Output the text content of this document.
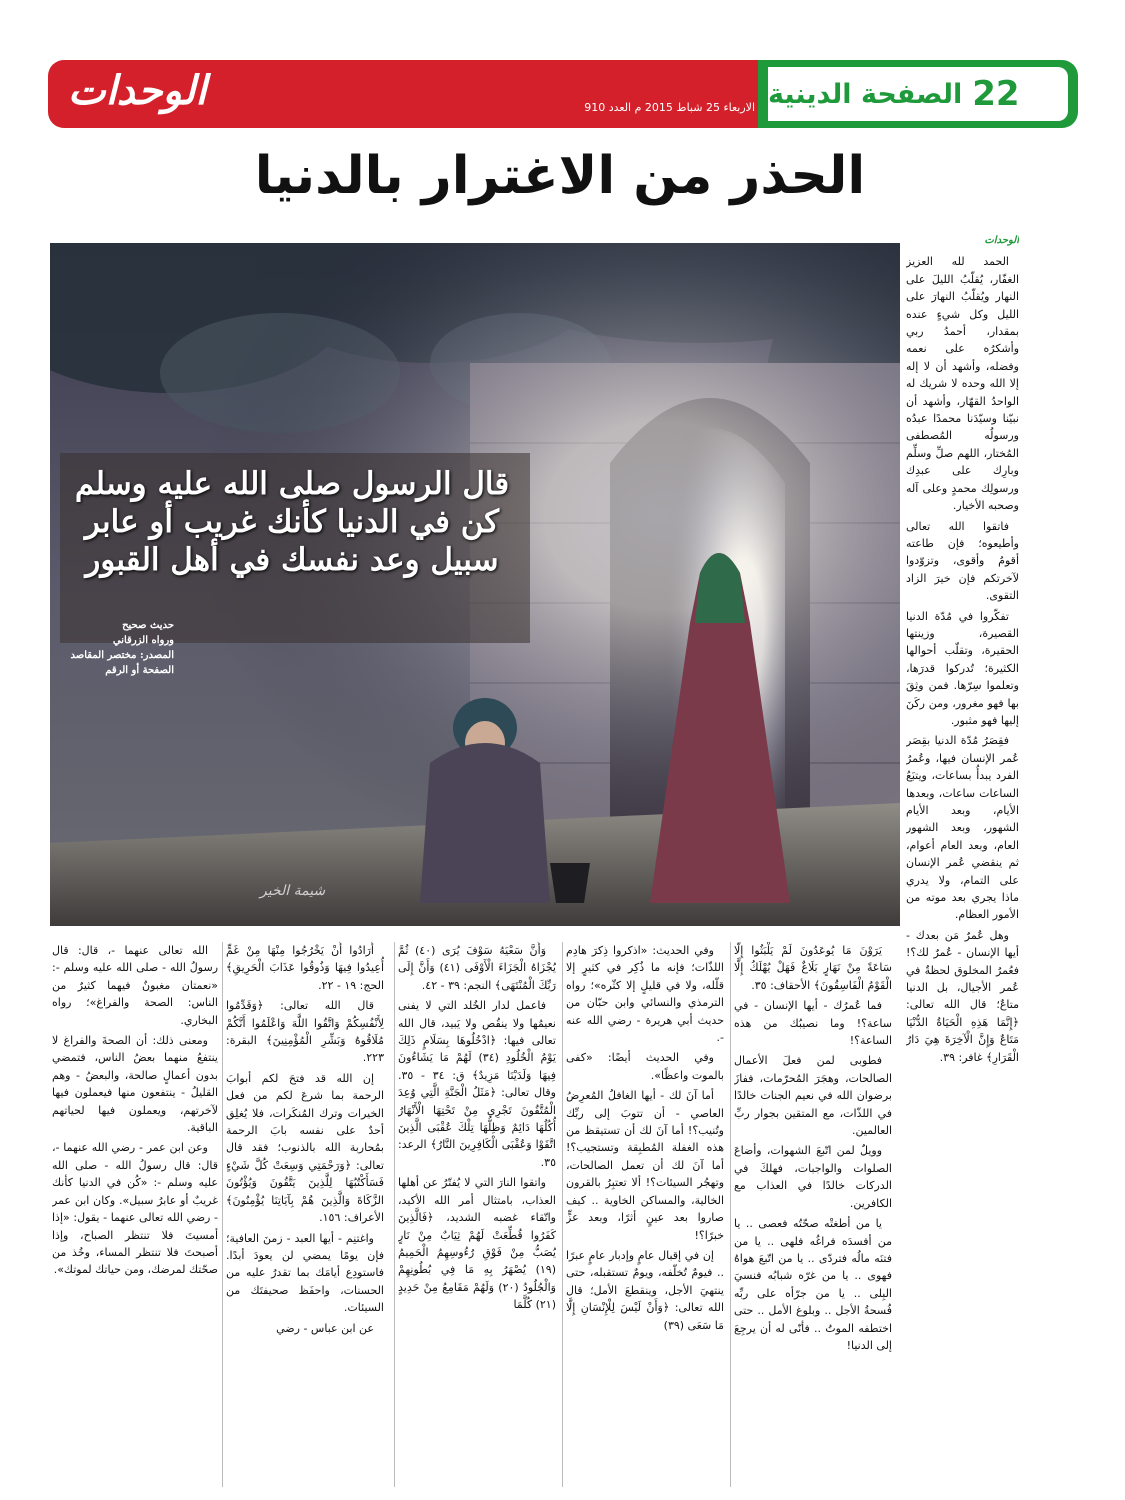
22
الصفحة الدينية
الاربعاء 25 شباط 2015 م العدد 910
الوحدات
الحذر من الاغترار بالدنيا
قال الرسول صلى الله عليه وسلم كن في الدنيا كأنك غريب أو عابر سبيل وعد نفسك في أهل القبور
حديث صحيح
ورواه الزرقاني
المصدر: مختصر المقاصد
الصفحة أو الرقم
شيمة الخير
الوحدات

الحمد لله العزيز الغفّار، يُقلّبُ الليلَ على النهار ويُقلّبُ النهارَ على الليل وكل شيءٍ عنده بمقدار، أحمدُ ربي وأشكرُه على نعمه وفضله، وأشهد أن لا إله إلا الله وحده لا شريك له الواحدُ القهّار، وأشهد أن نبيّنا وسيّدَنا محمدًا عبدُه ورسولُه المُصطفى المُختار، اللهم صلِّ وسلِّم وبارِك على عبدِك ورسولِك محمدٍ وعلى آله وصحبه الأخيار.

فاتقوا الله تعالى وأطيعوه؛ فإن طاعته أقومُ وأقوى، وتزوّدوا لآخرتكم فإن خيرَ الزاد التقوى.

تفكّروا في مُدّة الدنيا القصيرة، وزينتها الحقيرة، وتقلّب أحوالها الكثيرة؛ تُدركوا قدرَها، وتعلموا سِرّها. فمن وثِقَ بها فهو مغرور، ومن ركَنَ إليها فهو مثبور.

فقِصَرُ مُدّة الدنيا بقِصَر عُمر الإنسان فيها، وعُمرُ الفرد يبدأُ بساعات، ويتبَعُ الساعات ساعات، وبعدها الأيام، وبعد الأيام الشهور، وبعد الشهور العام، وبعد العام أعوام، ثم ينقضي عُمر الإنسان على التمام، ولا يدري ماذا يجري بعد موته من الأمور العظام.

وهل عُمرٌ مَن بعدك - أيها الإنسان - عُمرٌ لك؟! فعُمرُ المخلوق لحظةٌ في عُمر الأجيال، بل الدنيا متاعٌ؛ قال الله تعالى: ﴿إِنَّمَا هَذِهِ الْحَيَاةُ الدُّنْيَا مَتَاعٌ وَإِنَّ الْآخِرَةَ هِيَ دَارُ الْقَرَارِ﴾ غافر: ٣٩.

يَرَوْنَ مَا يُوعَدُونَ لَمْ يَلْبَثُوا إِلَّا سَاعَةً مِنْ نَهَارٍ بَلَاغٌ فَهَلْ يُهْلَكُ إِلَّا الْقَوْمُ الْفَاسِقُونَ﴾ الأحقاف: ٣٥.

فما عُمرُك - أيها الإنسان - في ساعة؟! وما نصيبُك من هذه الساعة؟!

فطوبى لمن فعلَ الأعمال الصالحات، وهجَرَ المُحرّمات، ففازَ برضوان الله في نعيم الجنات خالدًا في اللذّات، مع المتقين بجوار ربِّ العالمين.

وويلٌ لمن اتّبعَ الشهوات، وأضاعَ الصلوات والواجبات، فهلكَ في الدركات خالدًا في العذاب مع الكافرين.

يا من أطغتْه صحّتُه فعصى .. يا من أفسدَه فراغُه فلهى .. يا من فتنَه مالُه فتردّى .. يا من اتّبعَ هواهُ فهوى .. يا من غرّه شبابُه فنسيَ البِلى .. يا من جرّأه على ربِّه فُسحةُ الأجل .. وبلوغ الأمل .. حتى اختطفه الموتُ .. فأنّى له أن يرجِعَ إلى الدنيا!

وفي الحديث: «اذكروا ذِكرَ هادِم اللذّات؛ فإنه ما ذُكِر في كثيرٍ إلا قلّله، ولا في قليلٍ إلا كثّره»؛ رواه الترمذي والنسائي وابن حبّان من حديث أبي هريرة - رضي الله عنه -.

وفي الحديث أيضًا: «كفى بالموت واعظًا».

أما آنَ لك - أيها الغافلُ المُعرِضُ العاصي - أن تتوبَ إلى ربِّك وتُنيب؟! أما آنَ لك أن تستيقظ من هذه الغفلة المُطبِقة وتستجيب؟! أما آنَ لك أن تعمل الصالحات، وتهجُر السيئات؟! ألا تعتبِرُ بالقرون الخالية، والمساكن الخاوية .. كيف صاروا بعد عينٍ أثرًا، وبعد عزٍّ خبرًا؟!

إن في إقبال عامٍ وإدبار عامٍ عبرًا .. فيومٌ تُخلّفه، ويومٌ تستقبله، حتى ينتهيَ الأجل، وينقطعَ الأمل؛ قال الله تعالى: ﴿وَأَنْ لَيْسَ لِلْإِنْسَانِ إِلَّا مَا سَعَى (٣٩)

وَأَنَّ سَعْيَهُ سَوْفَ يُرَى (٤٠) ثُمَّ يُجْزَاهُ الْجَزَاءَ الْأَوْفَى (٤١) وَأَنَّ إِلَى رَبِّكَ الْمُنْتَهَى﴾ النجم: ٣٩ - ٤٢.

فاعمل لدار الخُلد التي لا يفنى نعيمُها ولا ينقُص ولا يَبيد، قال الله تعالى فيها: ﴿ادْخُلُوهَا بِسَلَامٍ ذَلِكَ يَوْمُ الْخُلُودِ (٣٤) لَهُمْ مَا يَشَاءُونَ فِيهَا وَلَدَيْنَا مَزِيدٌ﴾ ق: ٣٤ - ٣٥. وقال تعالى: ﴿مَثَلُ الْجَنَّةِ الَّتِي وُعِدَ الْمُتَّقُونَ تَجْرِي مِنْ تَحْتِهَا الْأَنْهَارُ أُكُلُهَا دَائِمٌ وَظِلُّهَا تِلْكَ عُقْبَى الَّذِينَ اتَّقَوْا وَعُقْبَى الْكَافِرِينَ النَّارُ﴾ الرعد: ٣٥.

واتقوا النارَ التي لا يُفتّرُ عن أهلها العذاب، بامتثال أمر الله الأكيد، واتّقاء غضبه الشديد، ﴿فَالَّذِينَ كَفَرُوا قُطِّعَتْ لَهُمْ ثِيَابٌ مِنْ نَارٍ يُصَبُّ مِنْ فَوْقِ رُءُوسِهِمُ الْحَمِيمُ (١٩) يُصْهَرُ بِهِ مَا فِي بُطُونِهِمْ وَالْجُلُودُ (٢٠) وَلَهُمْ مَقَامِعُ مِنْ حَدِيدٍ (٢١) كُلَّمَا

أَرَادُوا أَنْ يَخْرُجُوا مِنْهَا مِنْ غَمٍّ أُعِيدُوا فِيهَا وَذُوقُوا عَذَابَ الْحَرِيقِ﴾ الحج: ١٩ - ٢٢.

قال الله تعالى: ﴿وَقَدِّمُوا لِأَنْفُسِكُمْ وَاتَّقُوا اللَّهَ وَاعْلَمُوا أَنَّكُمْ مُلَاقُوهُ وَبَشِّرِ الْمُؤْمِنِينَ﴾ البقرة: ٢٢٣.

إن الله قد فتحَ لكم أبوابَ الرحمة بما شرعَ لكم من فعل الخيرات وترك المُنكَرات، فلا يُغلِق أحدٌ على نفسه بابَ الرحمة بمُحاربة الله بالذنوب؛ فقد قال تعالى: ﴿وَرَحْمَتِي وَسِعَتْ كُلَّ شَيْءٍ فَسَأَكْتُبُهَا لِلَّذِينَ يَتَّقُونَ وَيُؤْتُونَ الزَّكَاةَ وَالَّذِينَ هُمْ بِآيَاتِنَا يُؤْمِنُونَ﴾ الأعراف: ١٥٦.

واغتنِم - أيها العبد - زمنَ العافية؛ فإن يومًا يمضي لن يعودَ أبدًا. فاستودِع أيامَك بما تقدرُ عليه من الحسنات، واحفَظ صحيفتَك من السيئات.

عن ابن عباس - رضي

الله تعالى عنهما -، قال: قال رسولُ الله - صلى الله عليه وسلم -: «نعمتان مغبونٌ فيهما كثيرٌ من الناس: الصحة والفراغ»؛ رواه البخاري.

ومعنى ذلك: أن الصحةَ والفراغ لا ينتفعُ منهما بعضُ الناس، فتمضي بدون أعمالٍ صالحة، والبعضُ - وهم القليلُ - ينتفعون منها فيعملون فيها لآخرتهم، ويعملون فيها لحياتهم الباقية.

وعن ابن عمر - رضي الله عنهما -، قال: قال رسولُ الله - صلى الله عليه وسلم -: «كُن في الدنيا كأنك غريبٌ أو عابرُ سبيل». وكان ابن عمر - رضي الله تعالى عنهما - يقول: «إذا أمسيتَ فلا تنتظر الصباح، وإذا أصبحتَ فلا تنتظر المساء، وخُذ من صحّتك لمرضك، ومن حياتك لموتك».
